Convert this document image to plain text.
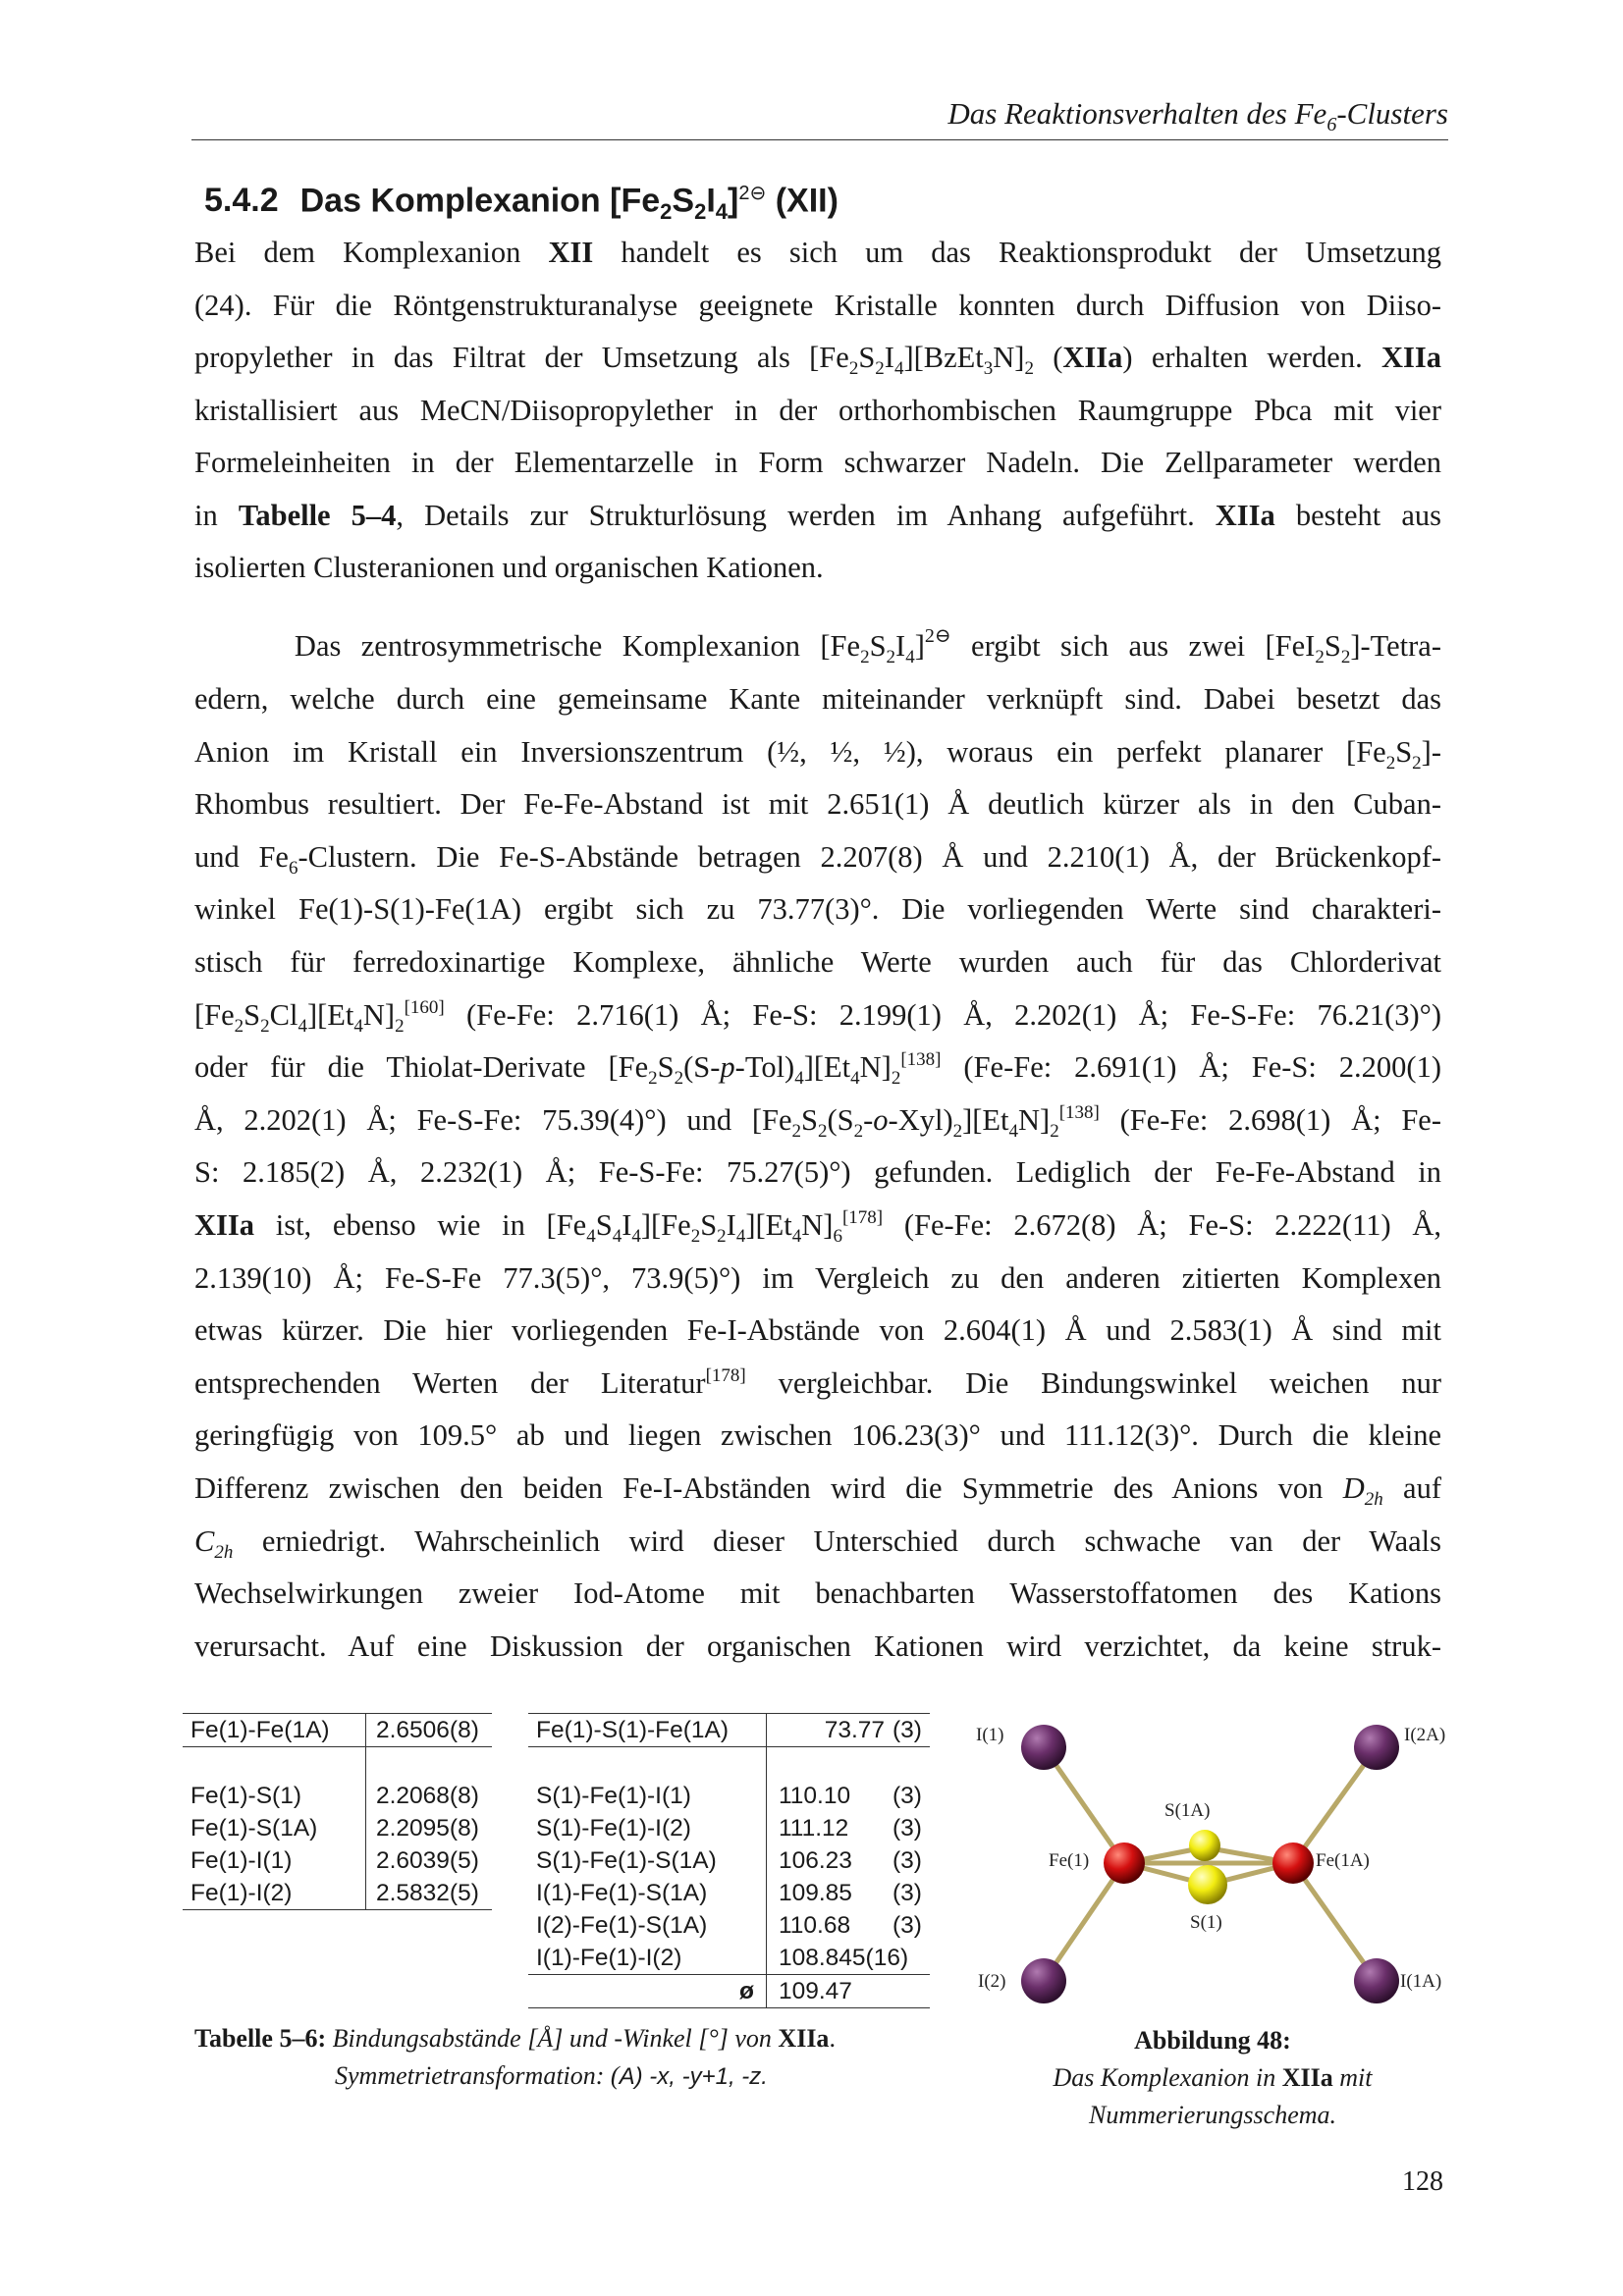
Das Reaktionsverhalten des $Fe_6$-Clusters
5.4.2 Das Komplexanion $[Fe_2S_2I_4]^{2⊖}$ (XII)

Bei dem Komplexanion XII handelt es sich um das Reaktionsprodukt der Umsetzung

(24). Für die Röntgenstrukturanalyse geeignete Kristalle konnten durch Diffusion von Diiso-

propylether in das Filtrat der Umsetzung als $[Fe_2S_2I_4][BzEt_3N]_2$ (XIIa) erhalten werden. XIIa

kristallisiert aus MeCN/Diisopropylether in der orthorhombischen Raumgruppe Pbca mit vier

Formeleinheiten in der Elementarzelle in Form schwarzer Nadeln. Die Zellparameter werden

in Tabelle 5–4, Details zur Strukturlösung werden im Anhang aufgeführt. XIIa besteht aus

isolierten Clusteranionen und organischen Kationen.

Das zentrosymmetrische Komplexanion $[Fe_2S_2I_4]^{2⊖}$ ergibt sich aus zwei $[FeI_2S_2]-Tetra-$

edern, welche durch eine gemeinsame Kante miteinander verknüpft sind. Dabei besetzt das

Anion im Kristall ein Inversionszentrum (½, ½, ½), woraus ein perfekt planarer $[Fe_2S_2]-$

Rhombus resultiert. Der Fe-Fe-Abstand ist mit 2.651(1) Å deutlich kürzer als in den Cuban-

und $Fe_6$-Clustern. Die Fe-S-Abstände betragen 2.207(8) Å und 2.210(1) Å, der Brückenkopf-

winkel Fe(1)-S(1)-Fe(1A) ergibt sich zu 73.77(3)°. Die vorliegenden Werte sind charakteri-

stisch für ferredoxinartige Komplexe, ähnliche Werte wurden auch für das Chlorderivat

$[Fe_2S_2Cl_4][Et_4N]_2[160]$ (Fe-Fe: 2.716(1) Å; Fe-S: 2.199(1) Å, 2.202(1) Å; Fe-S-Fe: 76.21(3)°)

oder für die Thiolat-Derivate $[Fe_2S_2(S-p-Tol)_4][Et_4N]_2[138]$ (Fe-Fe: 2.691(1) Å; Fe-S: 2.200(1)

Å, 2.202(1) Å; Fe-S-Fe: 75.39(4)°) und $[Fe_2S_2(S_2-o-Xyl)_2][Et_4N]_2[138]$ (Fe-Fe: 2.698(1) Å; Fe-

S: 2.185(2) Å, 2.232(1) Å; Fe-S-Fe: 75.27(5)°) gefunden. Lediglich der Fe-Fe-Abstand in

XIIa ist, ebenso wie in $[Fe_4S_4I_4][Fe_2S_2I_4][Et_4N]_6[178]$ (Fe-Fe: 2.672(8) Å; Fe-S: 2.222(11) Å,

2.139(10) Å; Fe-S-Fe 77.3(5)°, 73.9(5)°) im Vergleich zu den anderen zitierten Komplexen

etwas kürzer. Die hier vorliegenden Fe-I-Abstände von 2.604(1) Å und 2.583(1) Å sind mit

entsprechenden Werten der Literatur[178] vergleichbar. Die Bindungswinkel weichen nur

geringfügig von 109.5° ab und liegen zwischen 106.23(3)° und 111.12(3)°. Durch die kleine

Differenz zwischen den beiden Fe-I-Abständen wird die Symmetrie des Anions von $D_{2h}$ auf

$C_{2h}$ erniedrigt. Wahrscheinlich wird dieser Unterschied durch schwache van der Waals

Wechselwirkungen zweier Iod-Atome mit benachbarten Wasserstoffatomen des Kations

verursacht. Auf eine Diskussion der organischen Kationen wird verzichtet, da keine struk-

Fe(1)-Fe(1A)	2.6506(8)

Fe(1)-S(1)	2.2068(8)
Fe(1)-S(1A)	2.2095(8)
Fe(1)-I(1)	2.6039(5)
Fe(1)-I(2)	2.5832(5)
Fe(1)-S(1)-Fe(1A)	73.77	(3)

S(1)-Fe(1)-I(1)	110.10	(3)
S(1)-Fe(1)-I(2)	111.12	(3)
S(1)-Fe(1)-S(1A)	106.23	(3)
I(1)-Fe(1)-S(1A)	109.85	(3)
I(2)-Fe(1)-S(1A)	110.68	(3)
I(1)-Fe(1)-I(2)	108.845(16)	
ø	109.47	
I(1)	I(2A)
S(1A)
Fe(1)	Fe(1A)
S(1)
I(2)	I(1A)
Tabelle 5–6: Bindungsabstände [Å] und -Winkel [°] von XIIa.
Symmetrietransformation: (A) -x, -y+1, -z.
Abbildung 48:
Das Komplexanion in XIIa mit
Nummerierungsschema.
128
